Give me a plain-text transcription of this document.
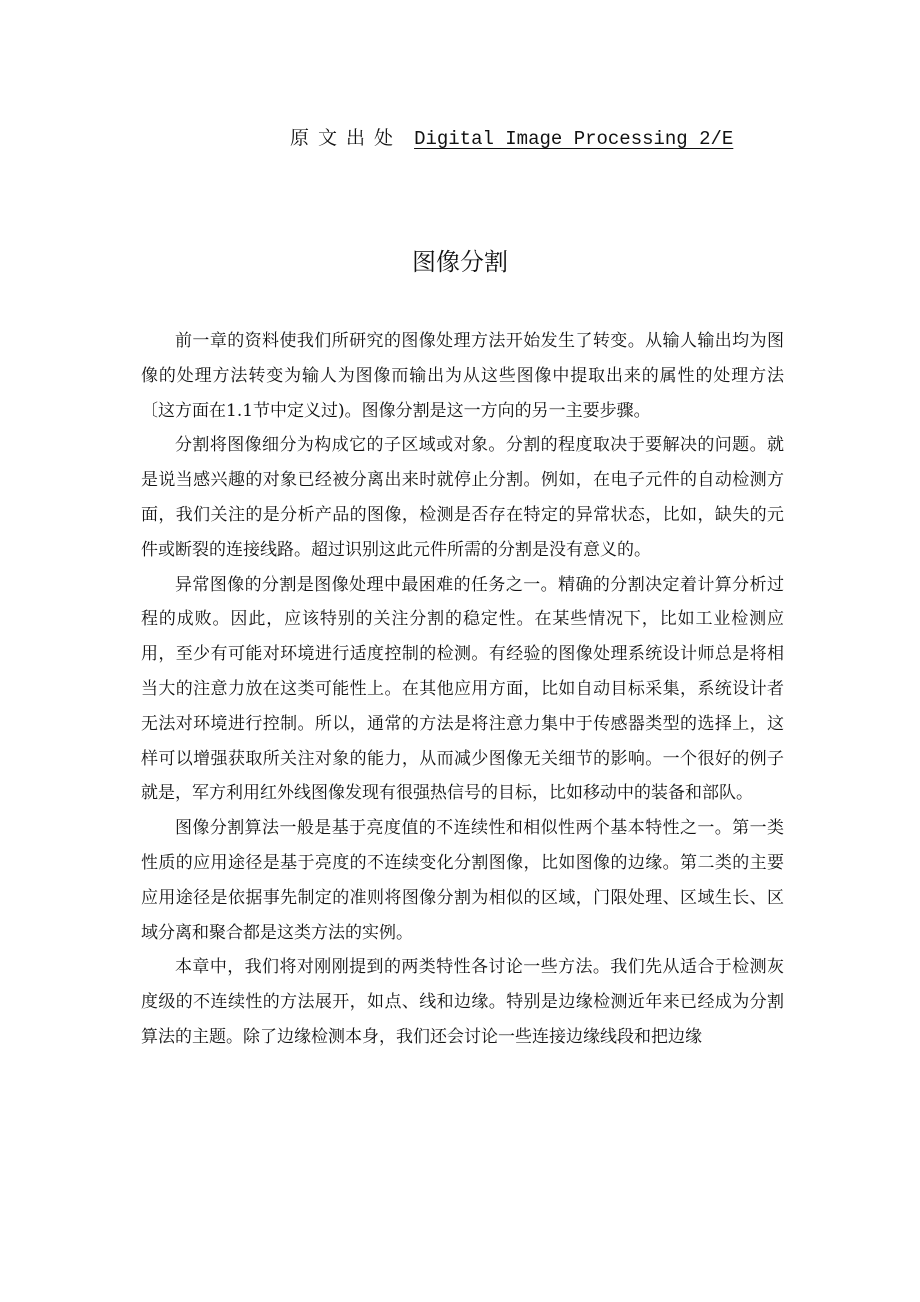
原文出处 Digital Image Processing 2/E
图像分割

前一章的资料使我们所研究的图像处理方法开始发生了转变。从输人输出均为图像的处理方法转变为输人为图像而输出为从这些图像中提取出来的属性的处理方法〔这方面在1.1节中定义过)。图像分割是这一方向的另一主要步骤。

分割将图像细分为构成它的子区域或对象。分割的程度取决于要解决的问题。就是说当感兴趣的对象已经被分离出来时就停止分割。例如，在电子元件的自动检测方面，我们关注的是分析产品的图像，检测是否存在特定的异常状态，比如，缺失的元件或断裂的连接线路。超过识别这此元件所需的分割是没有意义的。

异常图像的分割是图像处理中最困难的任务之一。精确的分割决定着计算分析过程的成败。因此，应该特别的关注分割的稳定性。在某些情况下，比如工业检测应用，至少有可能对环境进行适度控制的检测。有经验的图像处理系统设计师总是将相当大的注意力放在这类可能性上。在其他应用方面，比如自动目标采集，系统设计者无法对环境进行控制。所以，通常的方法是将注意力集中于传感器类型的选择上，这样可以增强获取所关注对象的能力，从而减少图像无关细节的影响。一个很好的例子就是，军方利用红外线图像发现有很强热信号的目标，比如移动中的装备和部队。

图像分割算法一般是基于亮度值的不连续性和相似性两个基本特性之一。第一类性质的应用途径是基于亮度的不连续变化分割图像，比如图像的边缘。第二类的主要应用途径是依据事先制定的准则将图像分割为相似的区域，门限处理、区域生长、区域分离和聚合都是这类方法的实例。

本章中，我们将对刚刚提到的两类特性各讨论一些方法。我们先从适合于检测灰度级的不连续性的方法展开，如点、线和边缘。特别是边缘检测近年来已经成为分割算法的主题。除了边缘检测本身，我们还会讨论一些连接边缘线段和把边缘
